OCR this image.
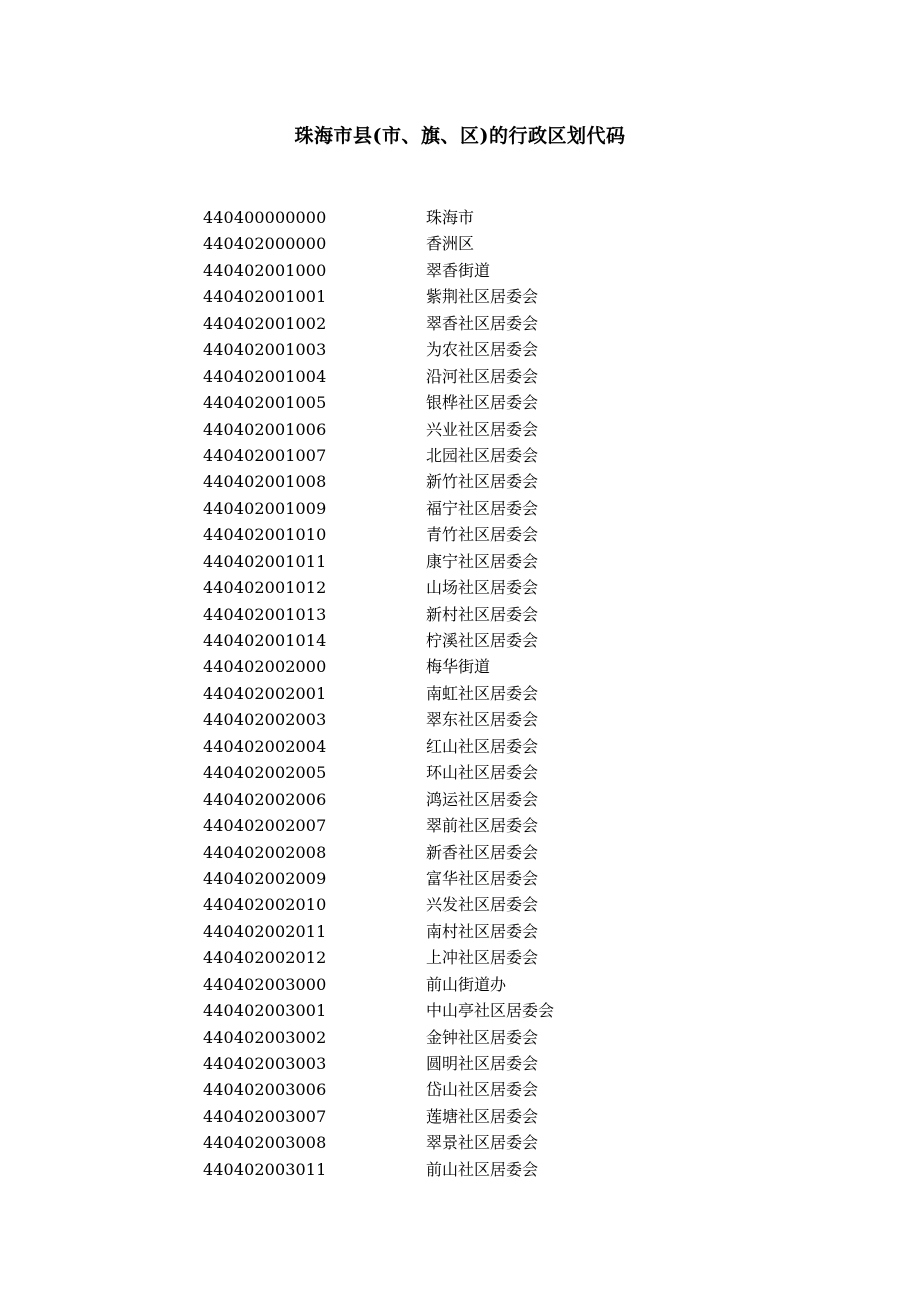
珠海市县(市、旗、区)的行政区划代码
440400000000	珠海市
440402000000	香洲区
440402001000	翠香街道
440402001001	紫荆社区居委会
440402001002	翠香社区居委会
440402001003	为农社区居委会
440402001004	沿河社区居委会
440402001005	银桦社区居委会
440402001006	兴业社区居委会
440402001007	北园社区居委会
440402001008	新竹社区居委会
440402001009	福宁社区居委会
440402001010	青竹社区居委会
440402001011	康宁社区居委会
440402001012	山场社区居委会
440402001013	新村社区居委会
440402001014	柠溪社区居委会
440402002000	梅华街道
440402002001	南虹社区居委会
440402002003	翠东社区居委会
440402002004	红山社区居委会
440402002005	环山社区居委会
440402002006	鸿运社区居委会
440402002007	翠前社区居委会
440402002008	新香社区居委会
440402002009	富华社区居委会
440402002010	兴发社区居委会
440402002011	南村社区居委会
440402002012	上冲社区居委会
440402003000	前山街道办
440402003001	中山亭社区居委会
440402003002	金钟社区居委会
440402003003	圆明社区居委会
440402003006	岱山社区居委会
440402003007	莲塘社区居委会
440402003008	翠景社区居委会
440402003011	前山社区居委会
